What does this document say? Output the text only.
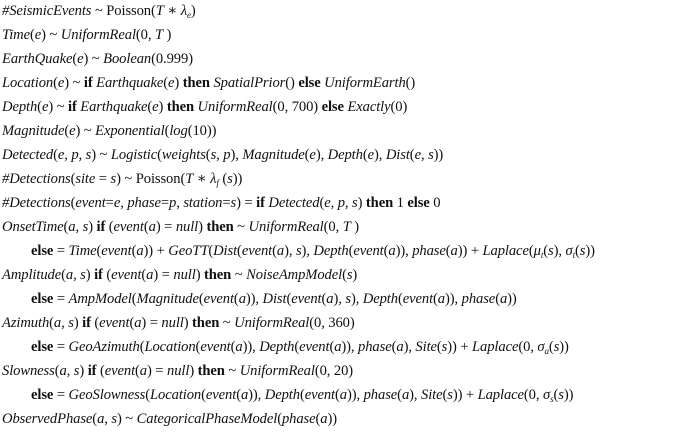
#SeismicEvents ~ Poisson(T ∗ $\lambda_e$)
Time(e) ~ UniformReal(0, T )
EarthQuake(e) ~ Boolean(0.999)
Location(e) ~ if Earthquake(e) then SpatialPrior() else UniformEarth()
Depth(e) ~ if Earthquake(e) then UniformReal(0, 700) else Exactly(0)
Magnitude(e) ~ Exponential(log(10))
Detected(e, p, s) ~ Logistic(weights(s, p), Magnitude(e), Depth(e), Dist(e, s))
#Detections(site = s) ~ Poisson(T ∗ $\lambda_f$ (s))
#Detections(event=e, phase=p, station=s) = if Detected(e, p, s) then 1 else 0
OnsetTime(a, s) if (event(a) = null) then ~ UniformReal(0, T )
else = Time(event(a)) + GeoTT(Dist(event(a), s), Depth(event(a)), phase(a)) + $Laplace(\mu_t(s)$, $\sigma_t(s)$)
Amplitude(a, s) if (event(a) = null) then ~ NoiseAmpModel(s)
else = AmpModel(Magnitude(event(a)), Dist(event(a), s), Depth(event(a)), phase(a))
Azimuth(a, s) if (event(a) = null) then ~ UniformReal(0, 360)
else = GeoAzimuth(Location(event(a)), Depth(event(a)), phase(a), Site(s)) + Laplace(0, $\sigma_a(s)$)
Slowness(a, s) if (event(a) = null) then ~ UniformReal(0, 20)
else = GeoSlowness(Location(event(a)), Depth(event(a)), phase(a), Site(s)) + Laplace(0, $\sigma_s(s)$)
ObservedPhase(a, s) ~ CategoricalPhaseModel(phase(a))
